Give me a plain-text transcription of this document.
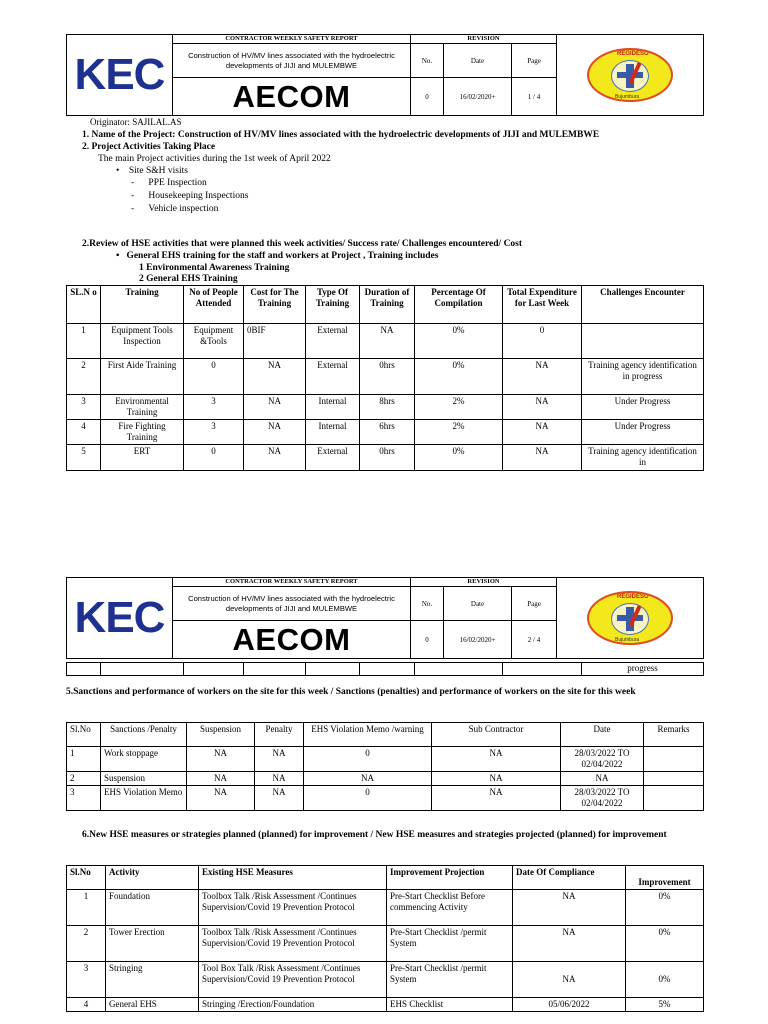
KEC	CONTRACTOR WEEKLY SAFETY REPORT	REVISION			REGIDESO
Bujumbura

	Construction of HV/MV lines associated with the hydroelectric developments of JIJI and MULEMBWE	No.	Date	Page	
	AECOM	0	16/02/2020+	1 / 4	
Originator: SAJILAL.AS
1. Name of the Project: Construction of HV/MV lines associated with the hydroelectric developments of JIJI and MULEMBWE
2. Project Activities Taking Place
The main Project activities during the 1st week of April 2022
•    Site S&H visits
-      PPE Inspection
-      Housekeeping Inspections
-      Vehicle inspection
2.Review of HSE activities that were planned this week activities/ Success rate/ Challenges encountered/ Cost
•   General EHS training for the staff and workers at Project , Training includes
1 Environmental Awareness Training
2 General EHS Training
SL.N o	Training	No of People Attended	Cost for The Training	Type Of Training	Duration of Training	Percentage Of Compilation	Total Expenditure for Last Week	Challenges Encounter
1	Equipment Tools Inspection	Equipment &Tools	0BIF	External	NA	0%	0	
2	First Aide Training	0	NA	External	0hrs	0%	NA	Training agency identification in progress
3	Environmental Training	3	NA	Internal	8hrs	2%	NA	Under Progress
4	Fire Fighting Training	3	NA	Internal	6hrs	2%	NA	Under Progress
5	ERT	0	NA	External	0hrs	0%	NA	Training agency identification in
KEC	CONTRACTOR WEEKLY SAFETY REPORT	REVISION			REGIDESO
Bujumbura

	Construction of HV/MV lines associated with the hydroelectric developments of JIJI and MULEMBWE	No.	Date	Page	
	AECOM	0	16/02/2020+	2 / 4	
								progress
5.Sanctions and performance of workers on the site for this week / Sanctions (penalties) and performance of workers on the site for this week
Sl.No	Sanctions /Penalty	Suspension	Penalty	EHS Violation Memo /warning	Sub Contractor	Date	Remarks
1	Work stoppage	NA	NA	0	NA	28/03/2022 TO 02/04/2022	
2	Suspension	NA	NA	NA	NA	NA	
3	EHS Violation Memo	NA	NA	0	NA	28/03/2022 TO 02/04/2022	
6.New HSE measures or strategies planned (planned) for improvement / New HSE measures and strategies projected (planned) for improvement
Sl.No	Activity	Existing HSE Measures	Improvement Projection	Date Of Compliance	Improvement
1	Foundation	Toolbox Talk /Risk Assessment /Continues Supervision/Covid 19 Prevention Protocol	Pre-Start Checklist Before commencing Activity	NA	0%
2	Tower Erection	Toolbox Talk /Risk Assessment /Continues Supervision/Covid 19 Prevention Protocol	Pre-Start Checklist /permit System	NA	0%
3	Stringing	Tool Box Talk /Risk Assessment /Continues Supervision/Covid 19 Prevention Protocol	Pre-Start Checklist /permit System	NA	0%
4	General EHS	Stringing /Erection/Foundation	EHS Checklist	05/06/2022	5%
